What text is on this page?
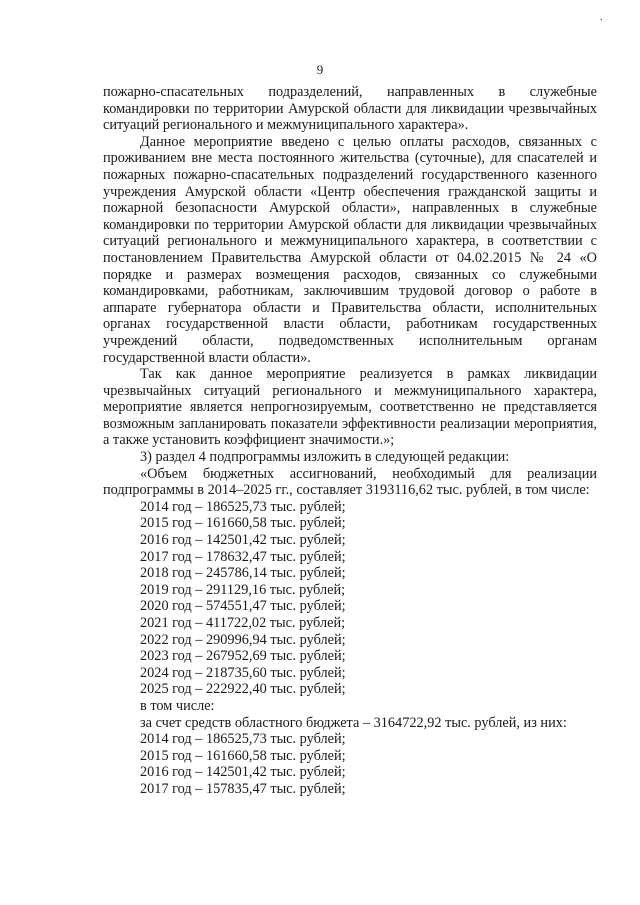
.
9

пожарно-спасательных подразделений, направленных в служебные командировки по территории Амурской области для ликвидации чрезвычайных ситуаций регионального и межмуниципального характера».

Данное мероприятие введено с целью оплаты расходов, связанных с проживанием вне места постоянного жительства (суточные), для спасателей и пожарных пожарно-спасательных подразделений государственного казенного учреждения Амурской области «Центр обеспечения гражданской защиты и пожарной безопасности Амурской области», направленных в служебные командировки по территории Амурской области для ликвидации чрезвычайных ситуаций регионального и межмуниципального характера, в соответствии с постановлением Правительства Амурской области от 04.02.2015 № 24 «О порядке и размерах возмещения расходов, связанных со служебными командировками, работникам, заключившим трудовой договор о работе в аппарате губернатора области и Правительства области, исполнительных органах государственной власти области, работникам государственных учреждений области, подведомственных исполнительным органам государственной власти области».

Так как данное мероприятие реализуется в рамках ликвидации чрезвычайных ситуаций регионального и межмуниципального характера, мероприятие является непрогнозируемым, соответственно не представляется возможным запланировать показатели эффективности реализации мероприятия, а также установить коэффициент значимости.»;

3) раздел 4 подпрограммы изложить в следующей редакции:

«Объем бюджетных ассигнований, необходимый для реализации подпрограммы в 2014–2025 гг., составляет 3193116,62 тыс. рублей, в том числе:

2014 год – 186525,73 тыс. рублей;

2015 год – 161660,58 тыс. рублей;

2016 год – 142501,42 тыс. рублей;

2017 год – 178632,47 тыс. рублей;

2018 год – 245786,14 тыс. рублей;

2019 год – 291129,16 тыс. рублей;

2020 год – 574551,47 тыс. рублей;

2021 год – 411722,02 тыс. рублей;

2022 год – 290996,94 тыс. рублей;

2023 год – 267952,69 тыс. рублей;

2024 год – 218735,60 тыс. рублей;

2025 год – 222922,40 тыс. рублей;

в том числе:

за счет средств областного бюджета – 3164722,92 тыс. рублей, из них:

2014 год – 186525,73 тыс. рублей;

2015 год – 161660,58 тыс. рублей;

2016 год – 142501,42 тыс. рублей;

2017 год – 157835,47 тыс. рублей;
